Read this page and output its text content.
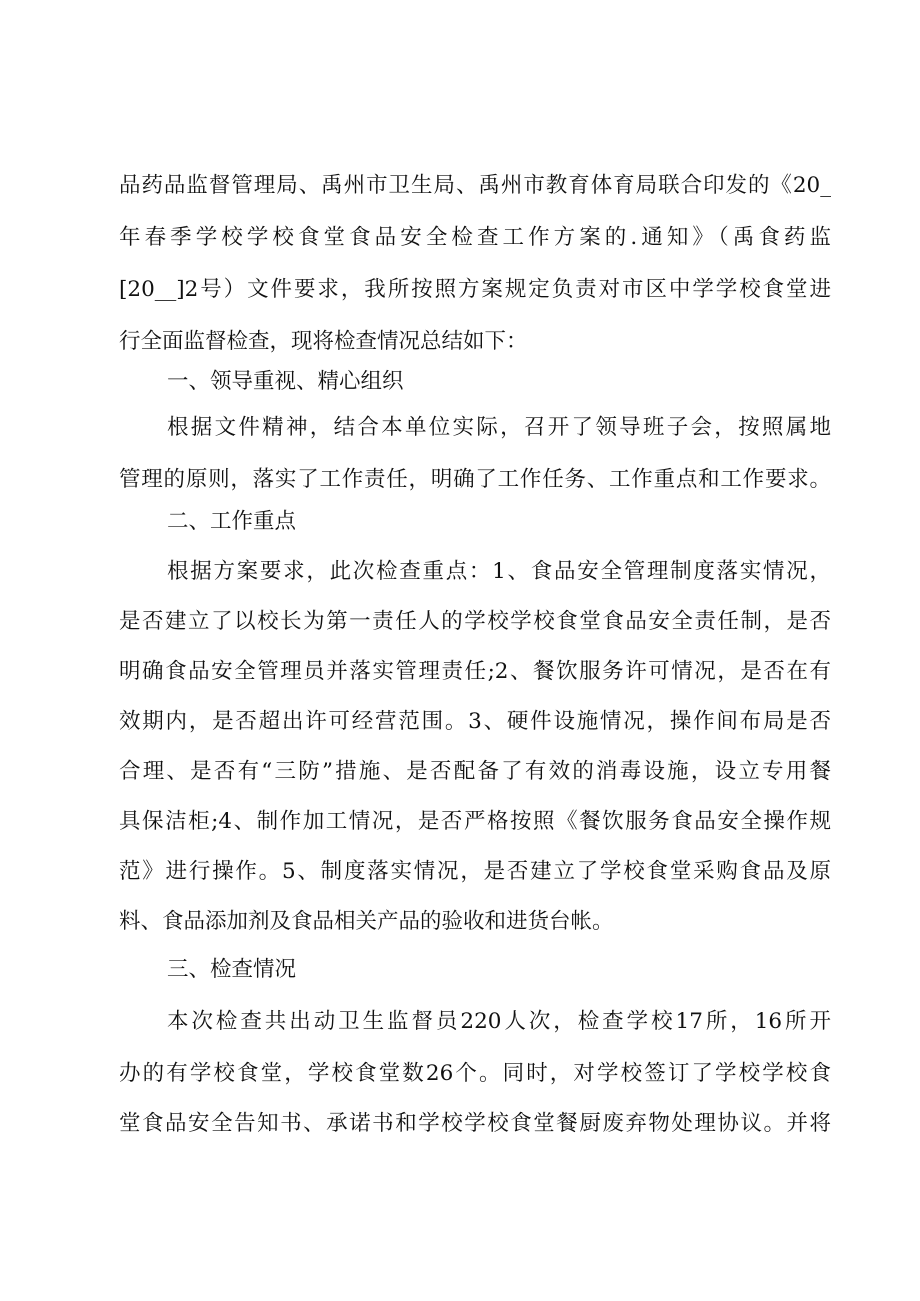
品药品监督管理局、禹州市卫生局、禹州市教育体育局联合印发的《20_
年春季学校学校食堂食品安全检查工作方案的.通知》（禹食药监
[20__]2号）文件要求，我所按照方案规定负责对市区中学学校食堂进
行全面监督检查，现将检查情况总结如下：
一、领导重视、精心组织
根据文件精神，结合本单位实际，召开了领导班子会，按照属地
管理的原则，落实了工作责任，明确了工作任务、工作重点和工作要求。
二、工作重点
根据方案要求，此次检查重点：1、食品安全管理制度落实情况，
是否建立了以校长为第一责任人的学校学校食堂食品安全责任制，是否
明确食品安全管理员并落实管理责任;2、餐饮服务许可情况，是否在有
效期内，是否超出许可经营范围。3、硬件设施情况，操作间布局是否
合理、是否有“三防”措施、是否配备了有效的消毒设施，设立专用餐
具保洁柜;4、制作加工情况，是否严格按照《餐饮服务食品安全操作规
范》进行操作。5、制度落实情况，是否建立了学校食堂采购食品及原
料、食品添加剂及食品相关产品的验收和进货台帐。
三、检查情况
本次检查共出动卫生监督员220人次，检查学校17所，16所开
办的有学校食堂，学校食堂数26个。同时，对学校签订了学校学校食
堂食品安全告知书、承诺书和学校学校食堂餐厨废弃物处理协议。并将
